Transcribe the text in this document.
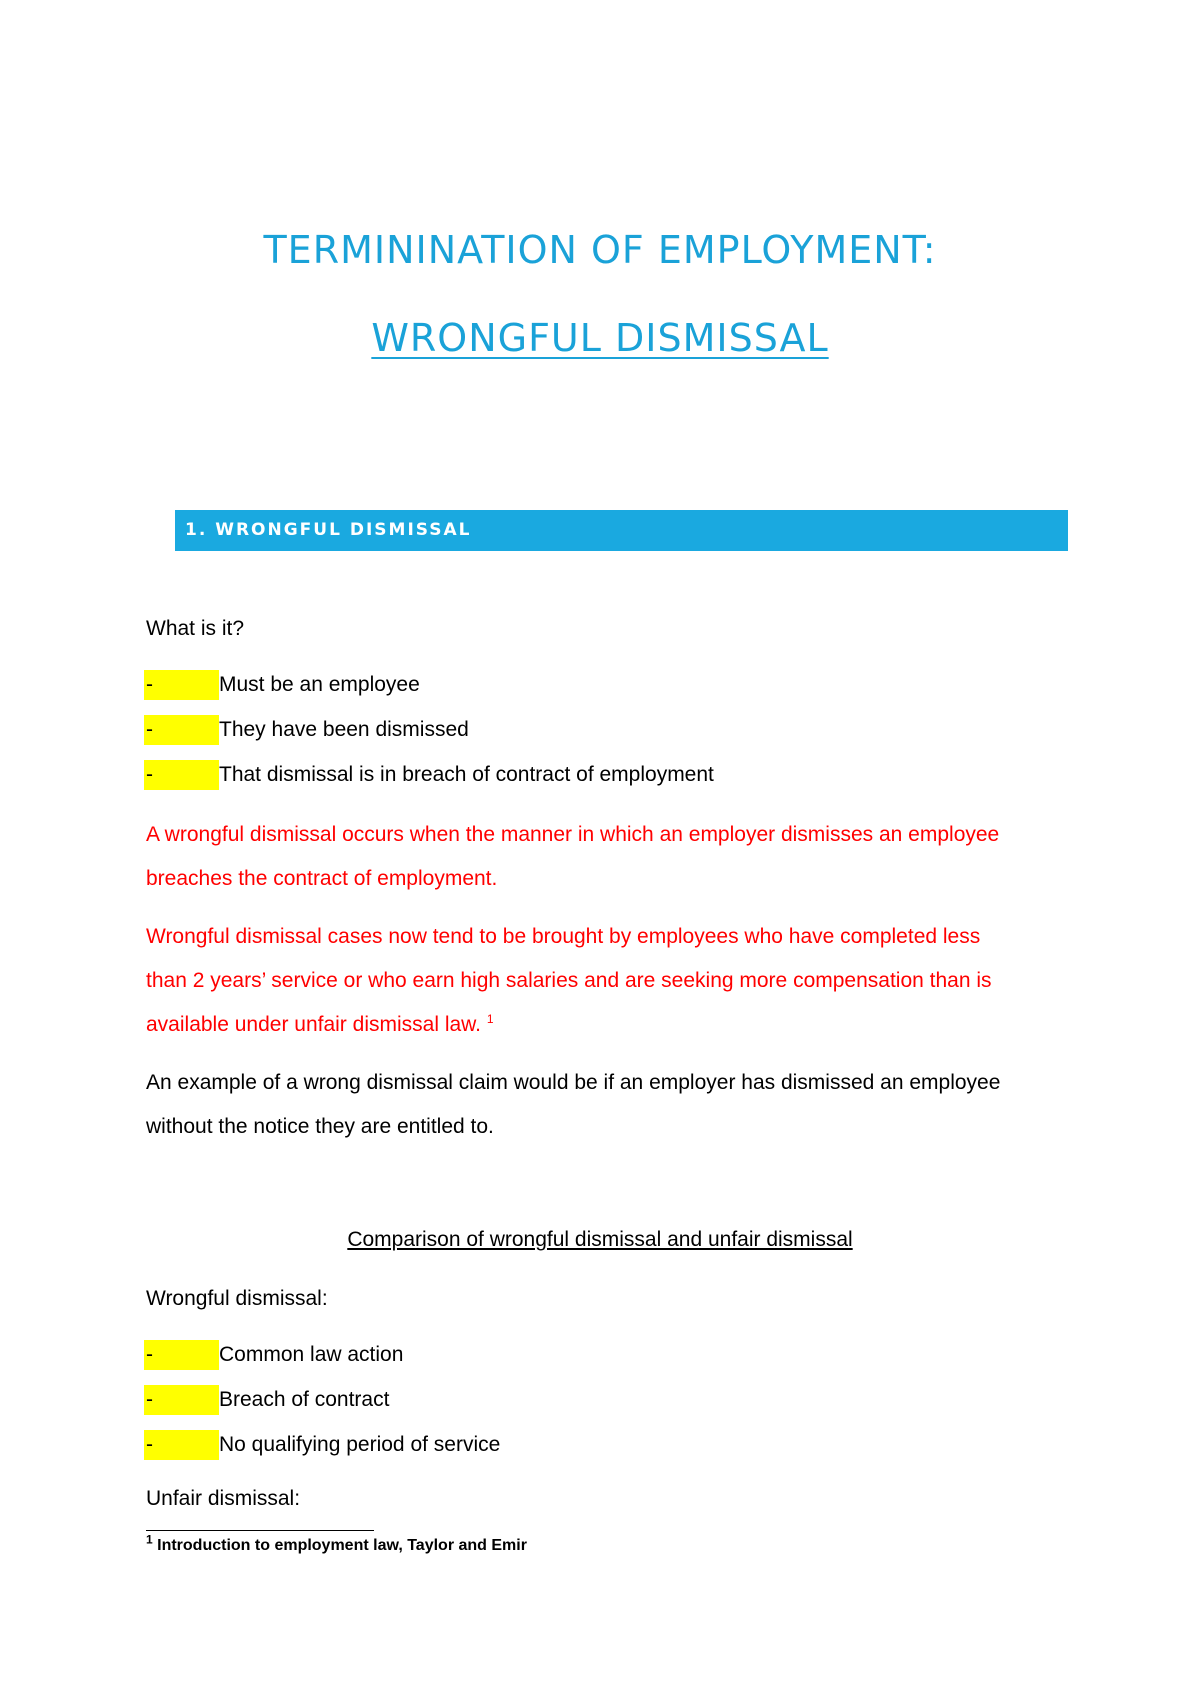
TERMININATION OF EMPLOYMENT:
WRONGFUL DISMISSAL
1. WRONGFUL DISMISSAL
What is it?
-	Must be an employee
-	They have been dismissed
-	That dismissal is in breach of contract of employment
A wrongful dismissal occurs when the manner in which an employer dismisses an employee
breaches the contract of employment.
Wrongful dismissal cases now tend to be brought by employees who have completed less
than 2 years’ service or who earn high salaries and are seeking more compensation than is
available under unfair dismissal law. $^1$
An example of a wrong dismissal claim would be if an employer has dismissed an employee
without the notice they are entitled to.
Comparison of wrongful dismissal and unfair dismissal
Wrongful dismissal:
-	Common law action
-	Breach of contract
-	No qualifying period of service
Unfair dismissal:
$^1$ Introduction to employment law, Taylor and Emir
